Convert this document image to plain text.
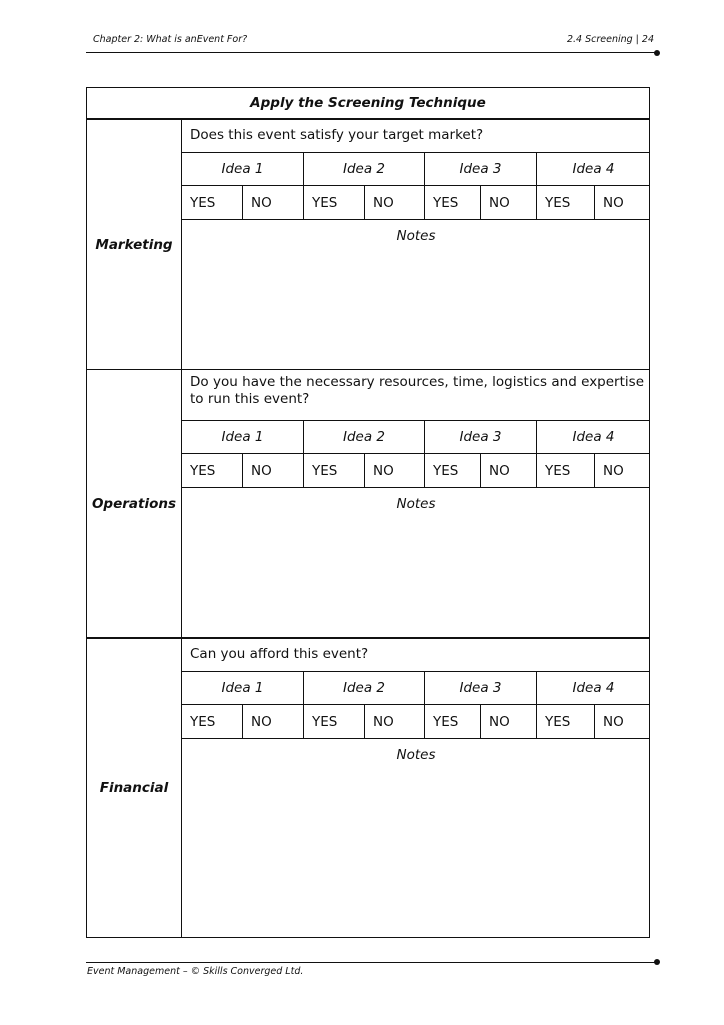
Chapter 2: What is anEvent For?	2.4 Screening | 24
Apply the Screening Technique
Marketing
Does this event satisfy your target market?
Idea 1	Idea 2	Idea 3	Idea 4
YES	NO	YES	NO	YES	NO	YES	NO
Notes
Operations
Do you have the necessary resources, time, logistics and expertise to run this event?
Idea 1	Idea 2	Idea 3	Idea 4
YES	NO	YES	NO	YES	NO	YES	NO
Notes
Financial
Can you afford this event?
Idea 1	Idea 2	Idea 3	Idea 4
YES	NO	YES	NO	YES	NO	YES	NO
Notes
Event Management – © Skills Converged Ltd.
